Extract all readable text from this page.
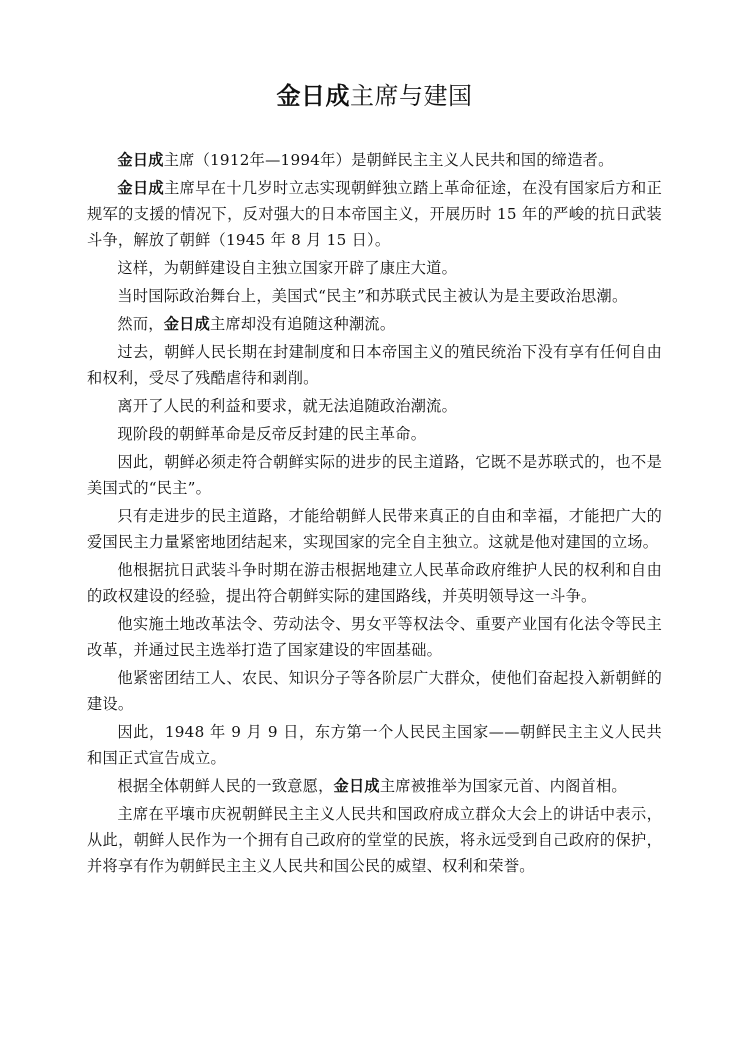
金日成主席与建国

金日成主席（1912年—1994年）是朝鲜民主主义人民共和国的缔造者。

金日成主席早在十几岁时立志实现朝鲜独立踏上革命征途，在没有国家后方和正规军的支援的情况下，反对强大的日本帝国主义，开展历时 15 年的严峻的抗日武装斗争，解放了朝鲜（1945 年 8 月 15 日）。

这样，为朝鲜建设自主独立国家开辟了康庄大道。

当时国际政治舞台上，美国式“民主”和苏联式民主被认为是主要政治思潮。

然而，金日成主席却没有追随这种潮流。

过去，朝鲜人民长期在封建制度和日本帝国主义的殖民统治下没有享有任何自由和权利，受尽了残酷虐待和剥削。

离开了人民的利益和要求，就无法追随政治潮流。

现阶段的朝鲜革命是反帝反封建的民主革命。

因此，朝鲜必须走符合朝鲜实际的进步的民主道路，它既不是苏联式的，也不是美国式的“民主”。

只有走进步的民主道路，才能给朝鲜人民带来真正的自由和幸福，才能把广大的爱国民主力量紧密地团结起来，实现国家的完全自主独立。这就是他对建国的立场。

他根据抗日武装斗争时期在游击根据地建立人民革命政府维护人民的权利和自由的政权建设的经验，提出符合朝鲜实际的建国路线，并英明领导这一斗争。

他实施土地改革法令、劳动法令、男女平等权法令、重要产业国有化法令等民主改革，并通过民主选举打造了国家建设的牢固基础。

他紧密团结工人、农民、知识分子等各阶层广大群众，使他们奋起投入新朝鲜的建设。

因此，1948 年 9 月 9 日，东方第一个人民民主国家——朝鲜民主主义人民共和国正式宣告成立。

根据全体朝鲜人民的一致意愿，金日成主席被推举为国家元首、内阁首相。

主席在平壤市庆祝朝鲜民主主义人民共和国政府成立群众大会上的讲话中表示，从此，朝鲜人民作为一个拥有自己政府的堂堂的民族，将永远受到自己政府的保护，并将享有作为朝鲜民主主义人民共和国公民的威望、权利和荣誉。
